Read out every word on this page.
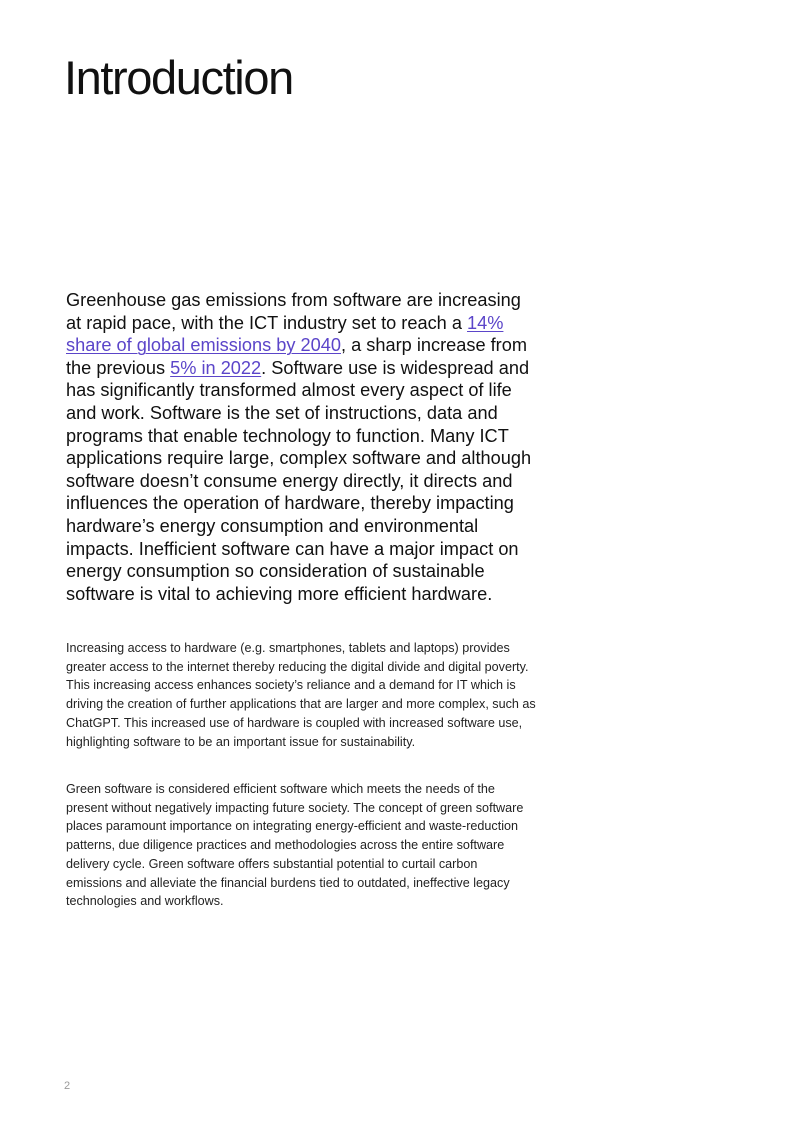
Introduction

Greenhouse gas emissions from software are increasing at rapid pace, with the ICT industry set to reach a 14% share of global emissions by 2040, a sharp increase from the previous 5% in 2022. Software use is widespread and has significantly transformed almost every aspect of life and work. Software is the set of instructions, data and programs that enable technology to function. Many ICT applications require large, complex software and although software doesn’t consume energy directly, it directs and influences the operation of hardware, thereby impacting hardware’s energy consumption and environmental impacts. Inefficient software can have a major impact on energy consumption so consideration of sustainable software is vital to achieving more efficient hardware.

Increasing access to hardware (e.g. smartphones, tablets and laptops) provides greater access to the internet thereby reducing the digital divide and digital poverty. This increasing access enhances society’s reliance and a demand for IT which is driving the creation of further applications that are larger and more complex, such as ChatGPT. This increased use of hardware is coupled with increased software use, highlighting software to be an important issue for sustainability.

Green software is considered efficient software which meets the needs of the present without negatively impacting future society. The concept of green software places paramount importance on integrating energy-efficient and waste-reduction patterns, due diligence practices and methodologies across the entire software delivery cycle. Green software offers substantial potential to curtail carbon emissions and alleviate the financial burdens tied to outdated, ineffective legacy technologies and workflows.

2
